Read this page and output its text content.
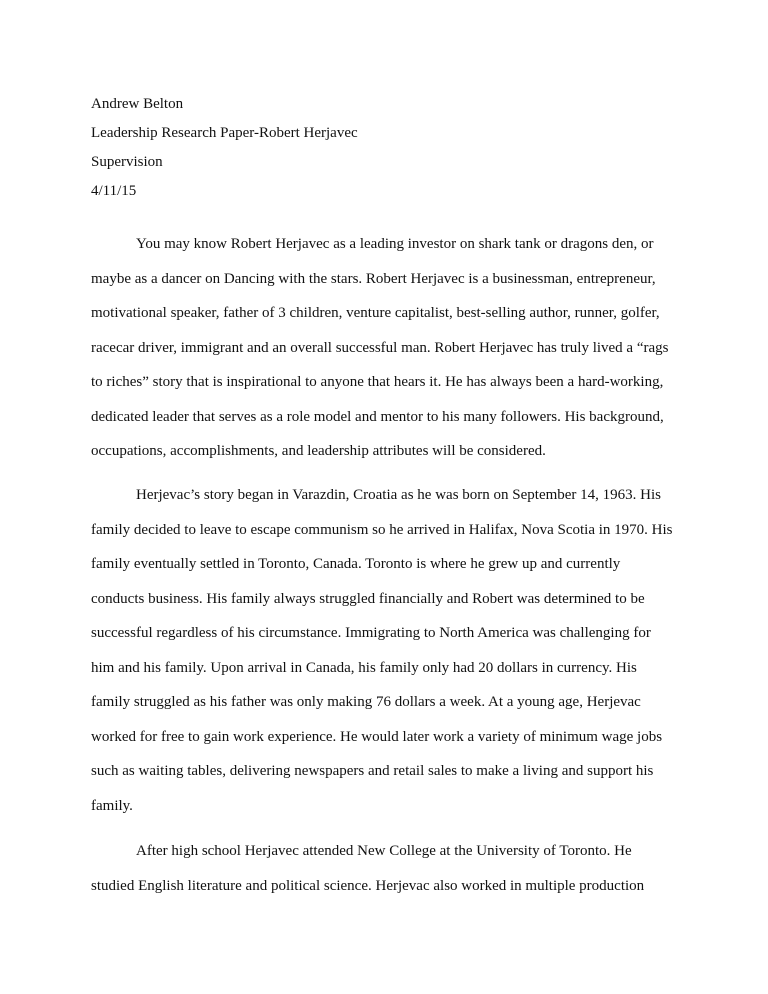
Andrew Belton
Leadership Research Paper-Robert Herjavec
Supervision
4/11/15
You may know Robert Herjavec as a leading investor on shark tank or dragons den, or
maybe as a dancer on Dancing with the stars. Robert Herjavec is a businessman, entrepreneur,
motivational speaker, father of 3 children, venture capitalist, best-selling author, runner, golfer,
racecar driver, immigrant and an overall successful man. Robert Herjavec has truly lived a “rags
to riches” story that is inspirational to anyone that hears it. He has always been a hard-working,
dedicated leader that serves as a role model and mentor to his many followers. His background,
occupations, accomplishments, and leadership attributes will be considered.
Herjevac’s story began in Varazdin, Croatia as he was born on September 14, 1963. His
family decided to leave to escape communism so he arrived in Halifax, Nova Scotia in 1970. His
family eventually settled in Toronto, Canada. Toronto is where he grew up and currently
conducts business. His family always struggled financially and Robert was determined to be
successful regardless of his circumstance. Immigrating to North America was challenging for
him and his family. Upon arrival in Canada, his family only had 20 dollars in currency. His
family struggled as his father was only making 76 dollars a week. At a young age, Herjevac
worked for free to gain work experience. He would later work a variety of minimum wage jobs
such as waiting tables, delivering newspapers and retail sales to make a living and support his
family.
After high school Herjavec attended New College at the University of Toronto. He
studied English literature and political science. Herjevac also worked in multiple production
